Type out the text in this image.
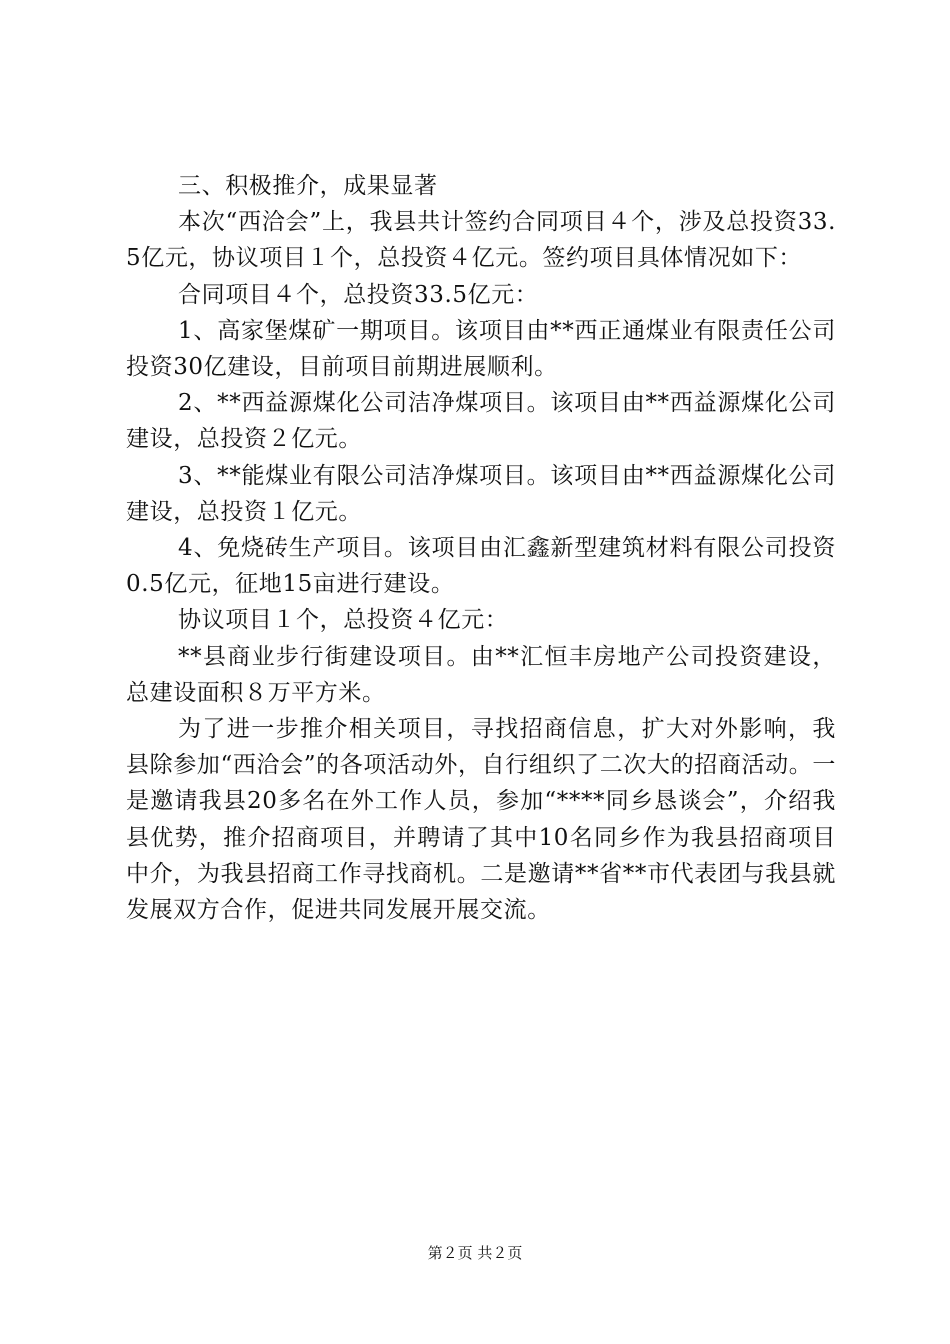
三、积极推介，成果显著

本次“西洽会”上，我县共计签约合同项目４个，涉及总投资33.5亿元，协议项目１个，总投资４亿元。签约项目具体情况如下：

合同项目４个，总投资33.5亿元：

1、高家堡煤矿一期项目。该项目由**西正通煤业有限责任公司投资30亿建设，目前项目前期进展顺利。

2、**西益源煤化公司洁净煤项目。该项目由**西益源煤化公司建设，总投资２亿元。

3、**能煤业有限公司洁净煤项目。该项目由**西益源煤化公司建设，总投资１亿元。

4、免烧砖生产项目。该项目由汇鑫新型建筑材料有限公司投资0.5亿元，征地15亩进行建设。

协议项目１个，总投资４亿元：

**县商业步行街建设项目。由**汇恒丰房地产公司投资建设，总建设面积８万平方米。

为了进一步推介相关项目，寻找招商信息，扩大对外影响，我县除参加“西洽会”的各项活动外，自行组织了二次大的招商活动。一是邀请我县20多名在外工作人员，参加“****同乡恳谈会”，介绍我县优势，推介招商项目，并聘请了其中10名同乡作为我县招商项目中介，为我县招商工作寻找商机。二是邀请**省**市代表团与我县就发展双方合作，促进共同发展开展交流。

第２页 共２页
